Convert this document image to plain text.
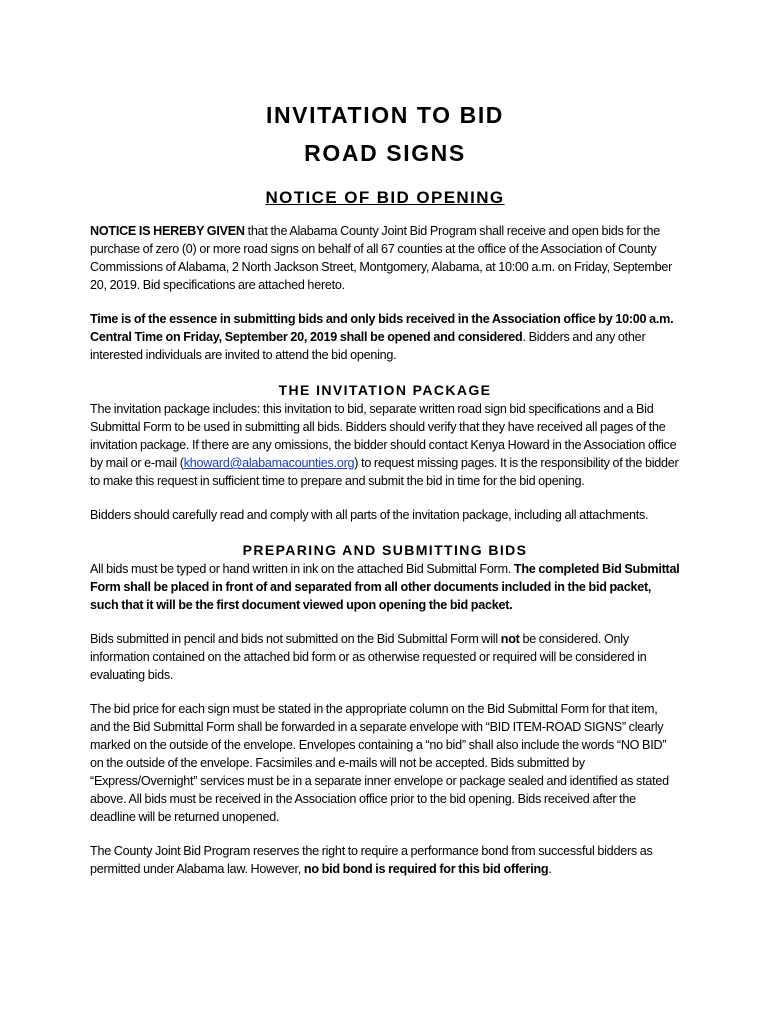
INVITATION TO BID
ROAD SIGNS
NOTICE OF BID OPENING

NOTICE IS HEREBY GIVEN that the Alabama County Joint Bid Program shall receive and open bids for the purchase of zero (0) or more road signs on behalf of all 67 counties at the office of the Association of County Commissions of Alabama, 2 North Jackson Street, Montgomery, Alabama, at 10:00 a.m. on Friday, September 20, 2019. Bid specifications are attached hereto.

Time is of the essence in submitting bids and only bids received in the Association office by 10:00 a.m. Central Time on Friday, September 20, 2019 shall be opened and considered. Bidders and any other interested individuals are invited to attend the bid opening.

THE INVITATION PACKAGE

The invitation package includes: this invitation to bid, separate written road sign bid specifications and a Bid Submittal Form to be used in submitting all bids. Bidders should verify that they have received all pages of the invitation package. If there are any omissions, the bidder should contact Kenya Howard in the Association office by mail or e-mail (khoward@alabamacounties.org) to request missing pages. It is the responsibility of the bidder to make this request in sufficient time to prepare and submit the bid in time for the bid opening.

Bidders should carefully read and comply with all parts of the invitation package, including all attachments.

PREPARING AND SUBMITTING BIDS

All bids must be typed or hand written in ink on the attached Bid Submittal Form. The completed Bid Submittal Form shall be placed in front of and separated from all other documents included in the bid packet, such that it will be the first document viewed upon opening the bid packet.

Bids submitted in pencil and bids not submitted on the Bid Submittal Form will not be considered. Only information contained on the attached bid form or as otherwise requested or required will be considered in evaluating bids.

The bid price for each sign must be stated in the appropriate column on the Bid Submittal Form for that item, and the Bid Submittal Form shall be forwarded in a separate envelope with “BID ITEM-ROAD SIGNS” clearly marked on the outside of the envelope. Envelopes containing a “no bid” shall also include the words “NO BID” on the outside of the envelope. Facsimiles and e-mails will not be accepted. Bids submitted by “Express/Overnight” services must be in a separate inner envelope or package sealed and identified as stated above. All bids must be received in the Association office prior to the bid opening. Bids received after the deadline will be returned unopened.

The County Joint Bid Program reserves the right to require a performance bond from successful bidders as permitted under Alabama law. However, no bid bond is required for this bid offering.
